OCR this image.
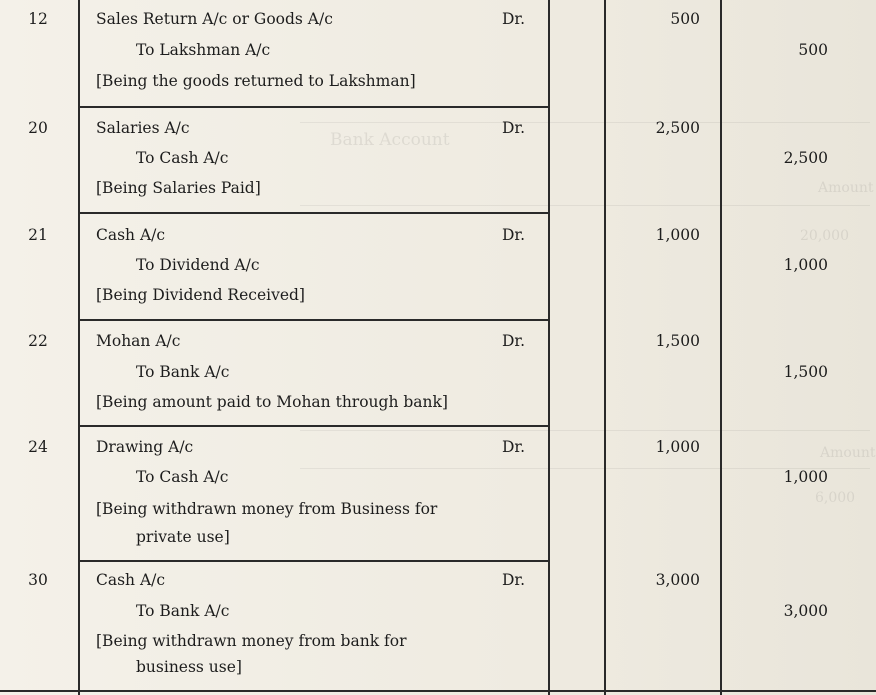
Bank Account
Amount
20,000
Amount
6,000
12	Sales Return A/c or Goods A/c	Dr.	500
To Lakshman A/c	500
[Being the goods returned to Lakshman]
20	Salaries A/c	Dr.	2,500
To Cash A/c	2,500
[Being Salaries Paid]
21	Cash A/c	Dr.	1,000
To Dividend A/c	1,000
[Being Dividend Received]
22	Mohan A/c	Dr.	1,500
To Bank A/c	1,500
[Being amount paid to Mohan through bank]
24	Drawing A/c	Dr.	1,000
To Cash A/c	1,000
[Being withdrawn money from Business for
private use]
30	Cash A/c	Dr.	3,000
To Bank A/c	3,000
[Being withdrawn money from bank for
business use]
